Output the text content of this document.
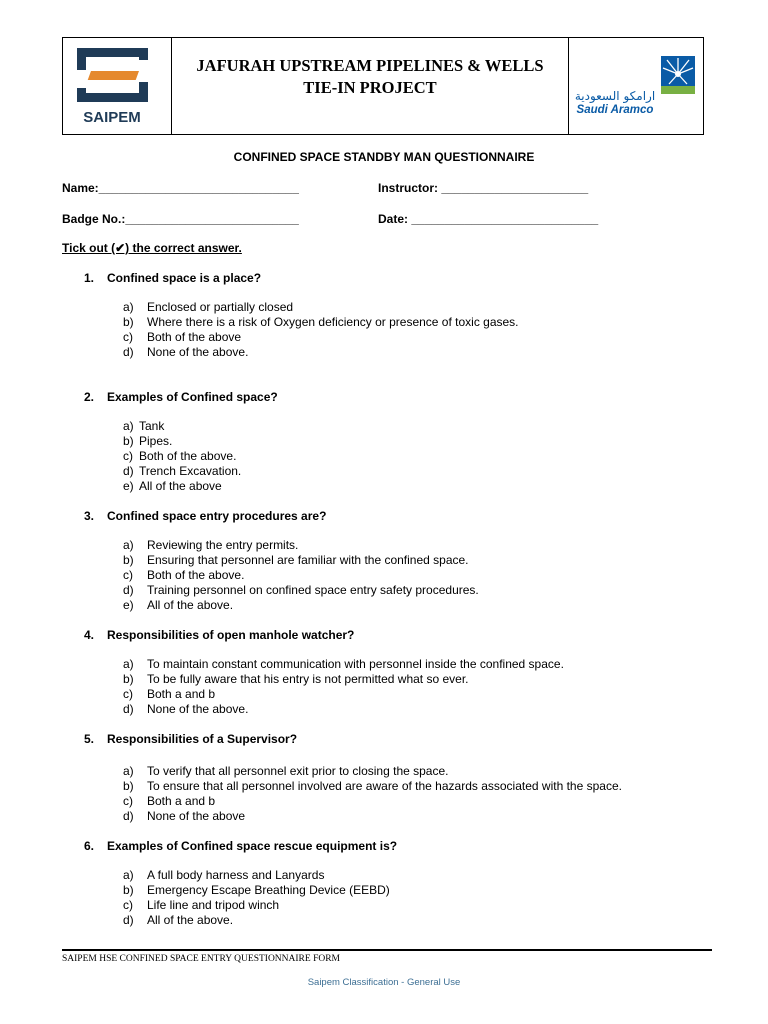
SAIPEM
JAFURAH UPSTREAM PIPELINES & WELLS
TIE-IN PROJECT	ارامكو السعودية
Saudi Aramco
CONFINED SPACE STANDBY MAN QUESTIONNAIRE
Name:______________________________	Instructor: ______________________
Badge No.:__________________________	Date: ____________________________
Tick out (✔) the correct answer.
1. Confined space is a place?
a) Enclosed or partially closed
b) Where there is a risk of Oxygen deficiency or presence of toxic gases.
c) Both of the above
d) None of the above.
2. Examples of Confined space?
a) Tank
b) Pipes.
c) Both of the above.
d) Trench Excavation.
e) All of the above
3. Confined space entry procedures are?
a) Reviewing the entry permits.
b) Ensuring that personnel are familiar with the confined space.
c) Both of the above.
d) Training personnel on confined space entry safety procedures.
e) All of the above.
4. Responsibilities of open manhole watcher?
a) To maintain constant communication with personnel inside the confined space.
b) To be fully aware that his entry is not permitted what so ever.
c) Both a and b
d) None of the above.
5. Responsibilities of a Supervisor?
a) To verify that all personnel exit prior to closing the space.
b) To ensure that all personnel involved are aware of the hazards associated with the space.
c) Both a and b
d) None of the above
6. Examples of Confined space rescue equipment is?
a) A full body harness and Lanyards
b) Emergency Escape Breathing Device (EEBD)
c) Life line and tripod winch
d) All of the above.
SAIPEM HSE CONFINED SPACE ENTRY QUESTIONNAIRE FORM
Saipem Classification - General Use
